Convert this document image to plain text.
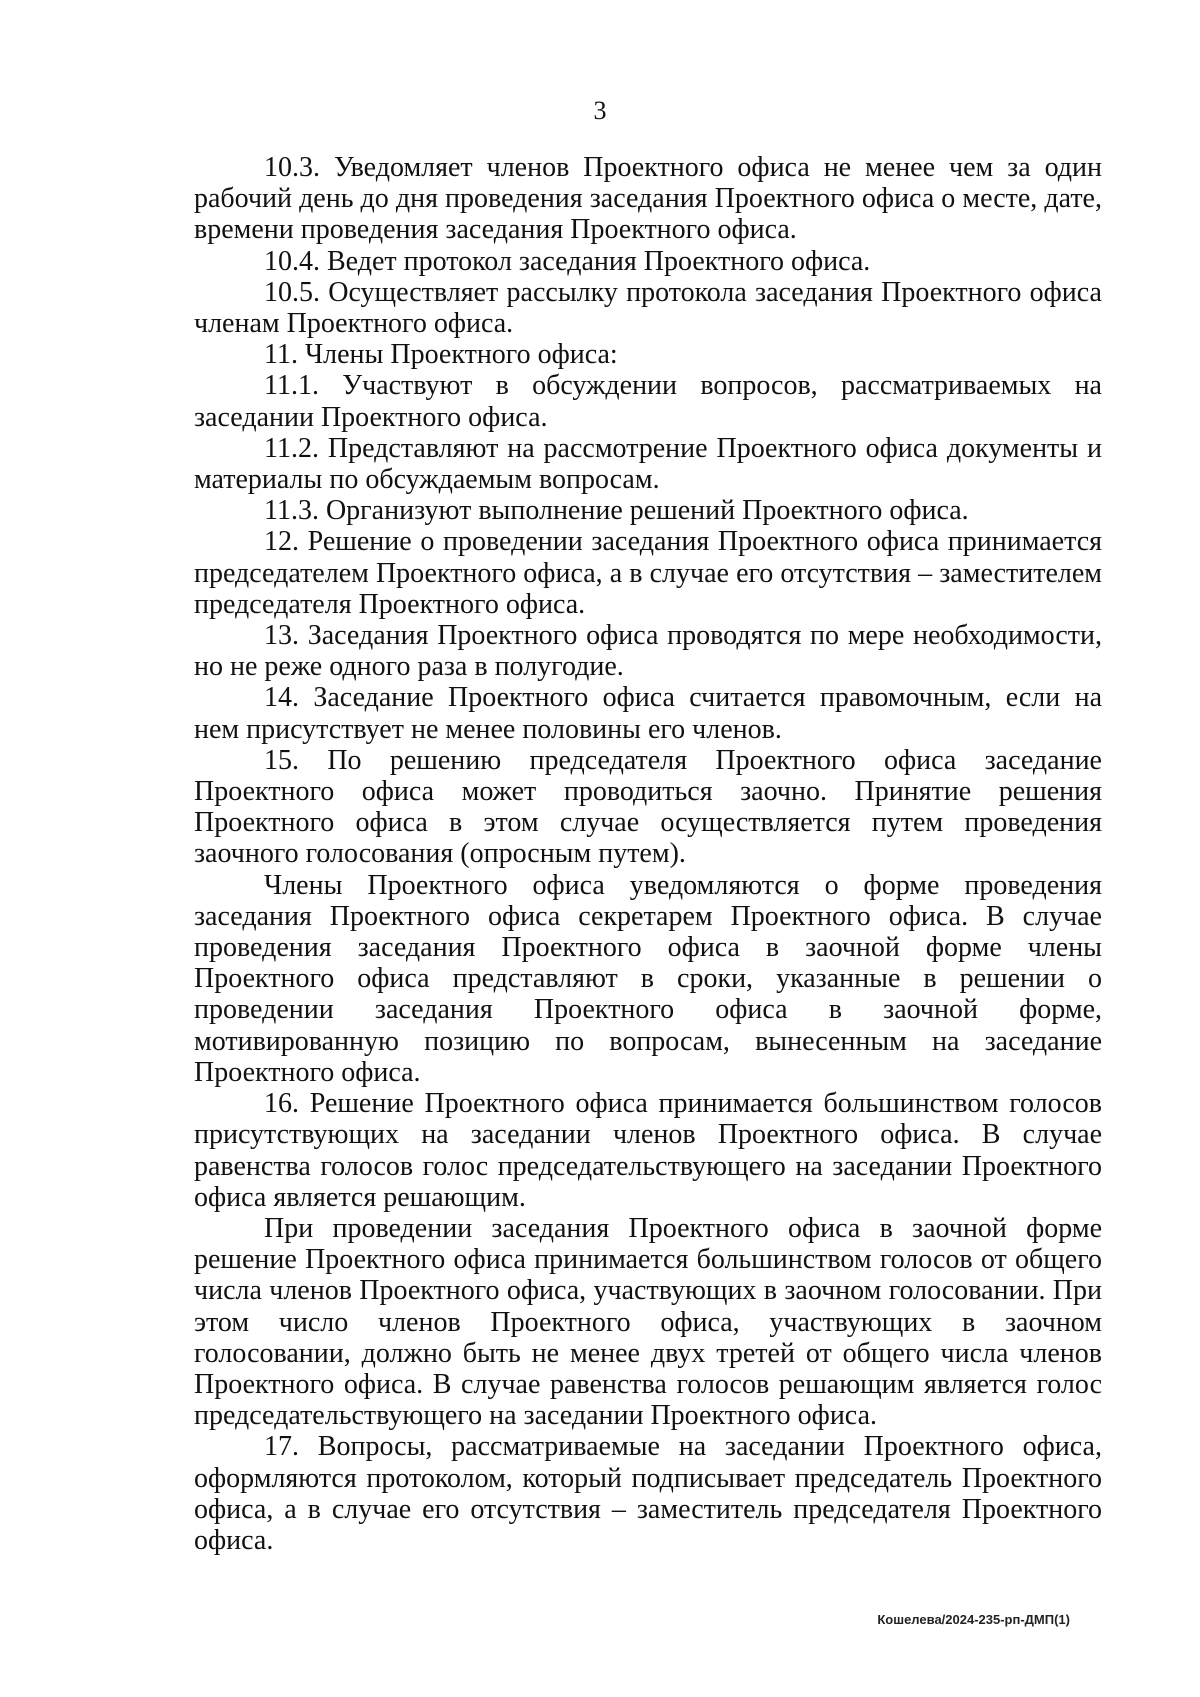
3

10.3. Уведомляет членов Проектного офиса не менее чем за один рабочий день до дня проведения заседания Проектного офиса о месте, дате, времени проведения заседания Проектного офиса.

10.4. Ведет протокол заседания Проектного офиса.

10.5. Осуществляет рассылку протокола заседания Проектного офиса членам Проектного офиса.

11. Члены Проектного офиса:

11.1. Участвуют в обсуждении вопросов, рассматриваемых на заседании Проектного офиса.

11.2. Представляют на рассмотрение Проектного офиса документы и материалы по обсуждаемым вопросам.

11.3. Организуют выполнение решений Проектного офиса.

12. Решение о проведении заседания Проектного офиса принимается председателем Проектного офиса, а в случае его отсутствия – заместителем председателя Проектного офиса.

13. Заседания Проектного офиса проводятся по мере необходимости, но не реже одного раза в полугодие.

14. Заседание Проектного офиса считается правомочным, если на нем присутствует не менее половины его членов.

15. По решению председателя Проектного офиса заседание Проектного офиса может проводиться заочно. Принятие решения Проектного офиса в этом случае осуществляется путем проведения заочного голосования (опросным путем).

Члены Проектного офиса уведомляются о форме проведения заседания Проектного офиса секретарем Проектного офиса. В случае проведения заседания Проектного офиса в заочной форме члены Проектного офиса представляют в сроки, указанные в решении о проведении заседания Проектного офиса в заочной форме, мотивированную позицию по вопросам, вынесенным на заседание Проектного офиса.

16. Решение Проектного офиса принимается большинством голосов присутствующих на заседании членов Проектного офиса. В случае равенства голосов голос председательствующего на заседании Проектного офиса является решающим.

При проведении заседания Проектного офиса в заочной форме решение Проектного офиса принимается большинством голосов от общего числа членов Проектного офиса, участвующих в заочном голосовании. При этом число членов Проектного офиса, участвующих в заочном голосовании, должно быть не менее двух третей от общего числа членов Проектного офиса. В случае равенства голосов решающим является голос председательствующего на заседании Проектного офиса.

17. Вопросы, рассматриваемые на заседании Проектного офиса, оформляются протоколом, который подписывает председатель Проектного офиса, а в случае его отсутствия – заместитель председателя Проектного офиса.

Кошелева/2024-235-рп-ДМП(1)
